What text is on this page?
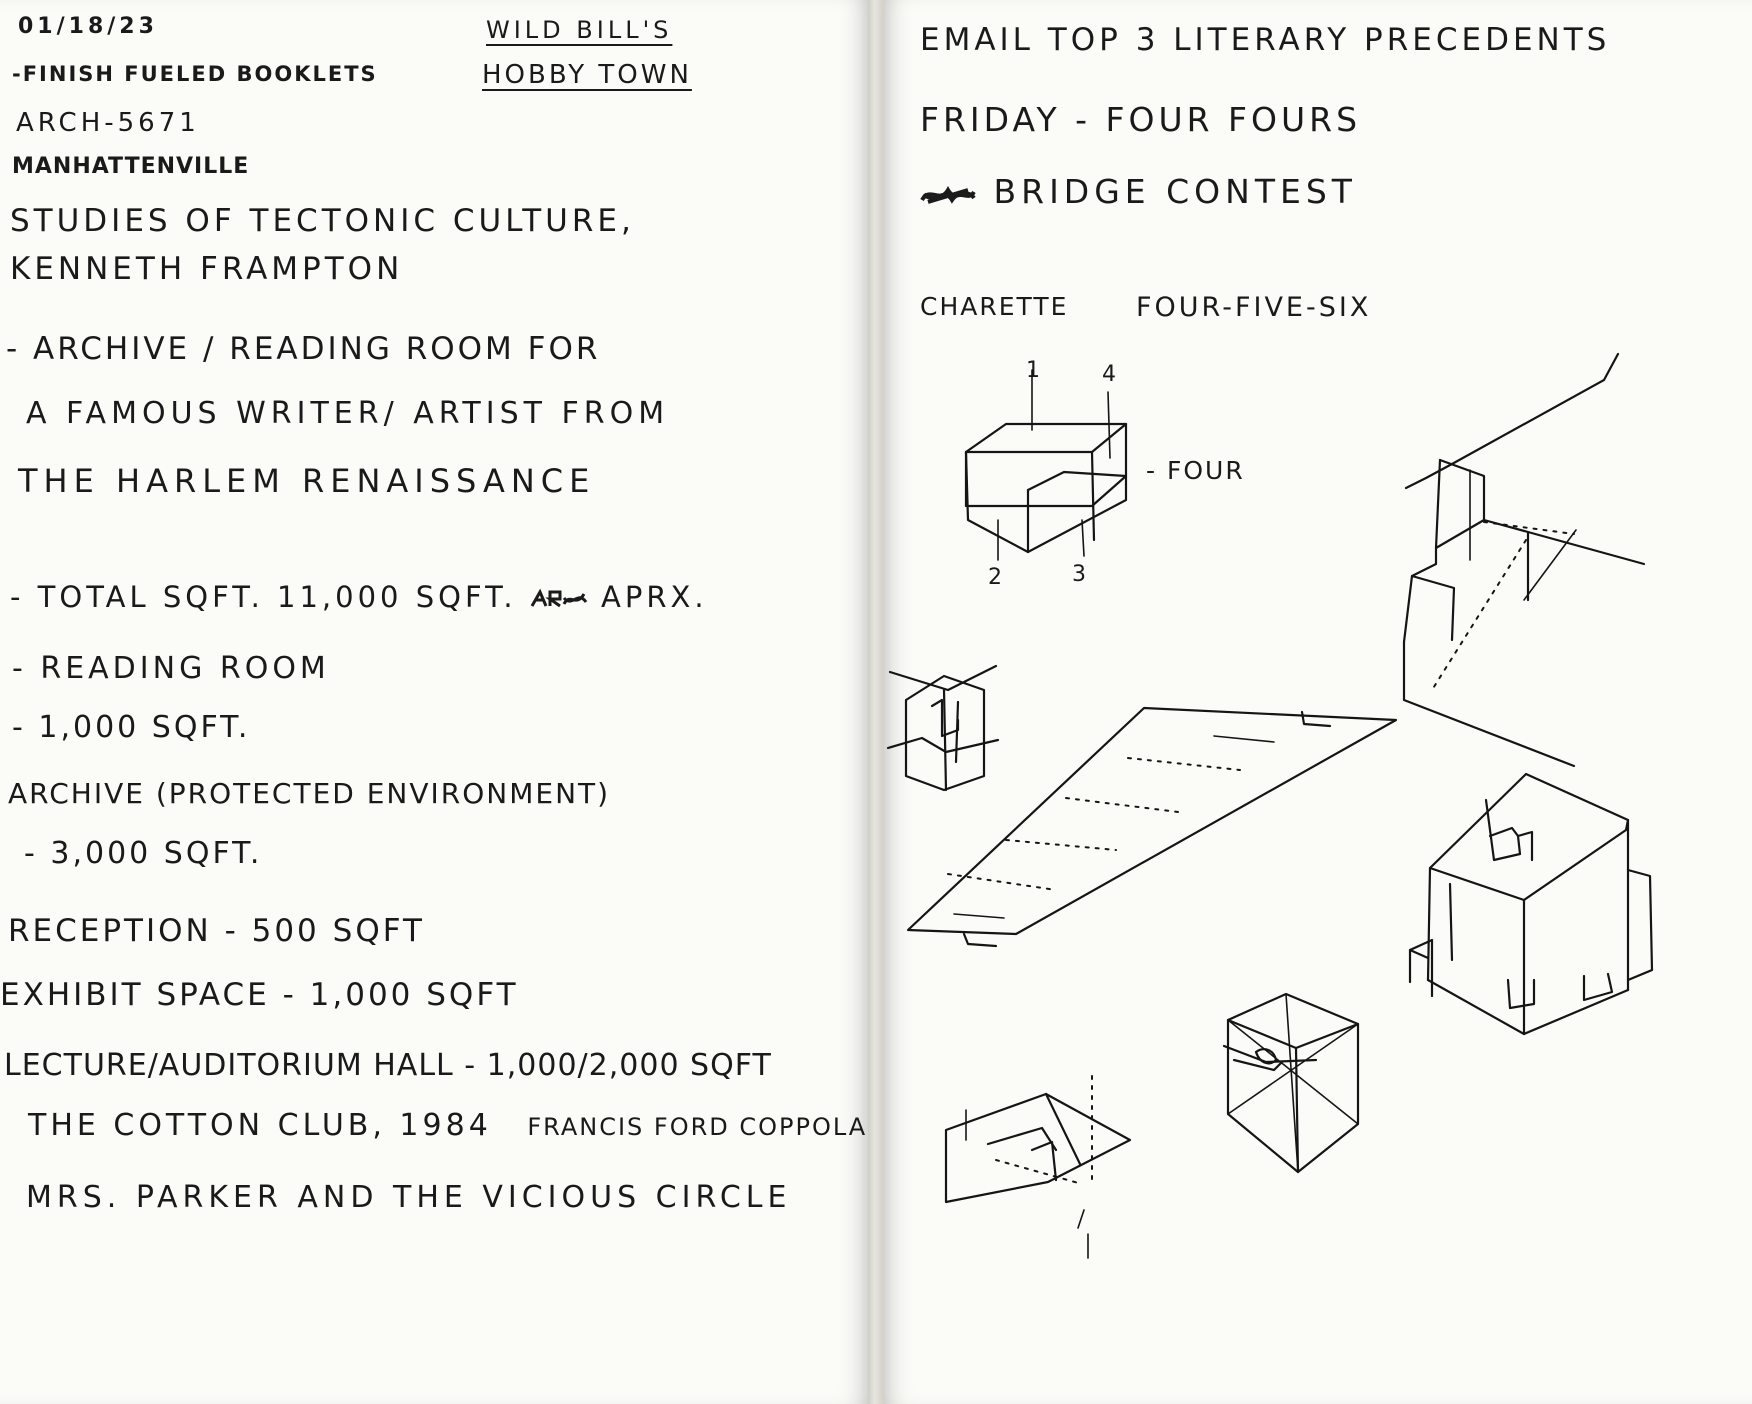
01/18/23
-FINISH FUELED BOOKLETS
WILD BILL'S
HOBBY TOWN
ARCH-5671
MANHATTENVILLE
STUDIES OF TECTONIC CULTURE,
KENNETH FRAMPTON
- ARCHIVE / READING ROOM FOR
A FAMOUS WRITER/ ARTIST FROM
THE HARLEM RENAISSANCE
- TOTAL SQFT. 11,000 SQFT.	APRX.
- READING ROOM
- 1,000 SQFT.
ARCHIVE (PROTECTED ENVIRONMENT)
- 3,000 SQFT.
RECEPTION - 500 SQFT
EXHIBIT SPACE - 1,000 SQFT
LECTURE/AUDITORIUM HALL - 1,000/2,000 SQFT
THE COTTON CLUB, 1984 FRANCIS FORD COPPOLA
MRS. PARKER AND THE VICIOUS CIRCLE
EMAIL TOP 3 LITERARY PRECEDENTS
FRIDAY - FOUR FOURS
BRIDGE CONTEST
CHARETTE	FOUR-FIVE-SIX
1	4
2	3
- FOUR
